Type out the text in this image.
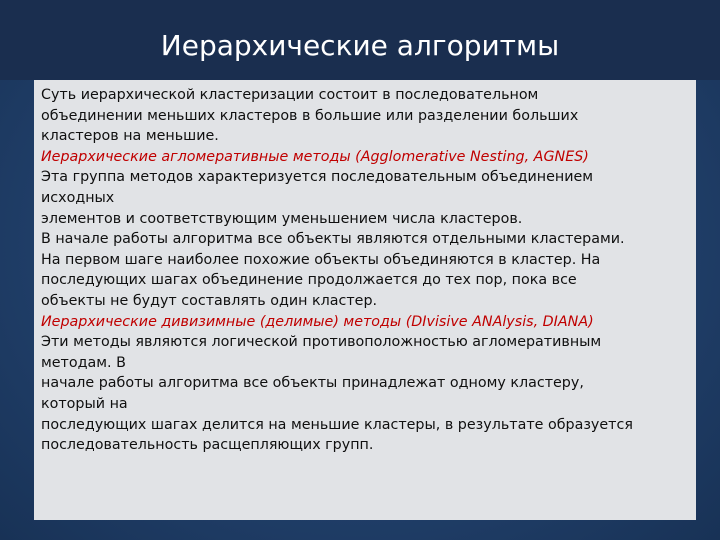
Иерархические алгоритмы
Суть иерархической кластеризации состоит в последовательном
объединении меньших кластеров в большие или разделении больших
кластеров на меньшие.
Иерархические агломеративные методы (Agglomerative Nesting, AGNES)
Эта группа методов характеризуется последовательным объединением
исходных
элементов и соответствующим уменьшением числа кластеров.
В начале работы алгоритма все объекты являются отдельными кластерами.
На первом шаге наиболее похожие объекты объединяются в кластер. На
последующих шагах объединение продолжается до тех пор, пока все
объекты не будут составлять один кластер.
Иерархические дивизимные (делимые) методы (DIvisive ANAlysis, DIANA)
Эти методы являются логической противоположностью агломеративным
методам. В
начале работы алгоритма все объекты принадлежат одному кластеру,
который на
последующих шагах делится на меньшие кластеры, в результате образуется
последовательность расщепляющих групп.
